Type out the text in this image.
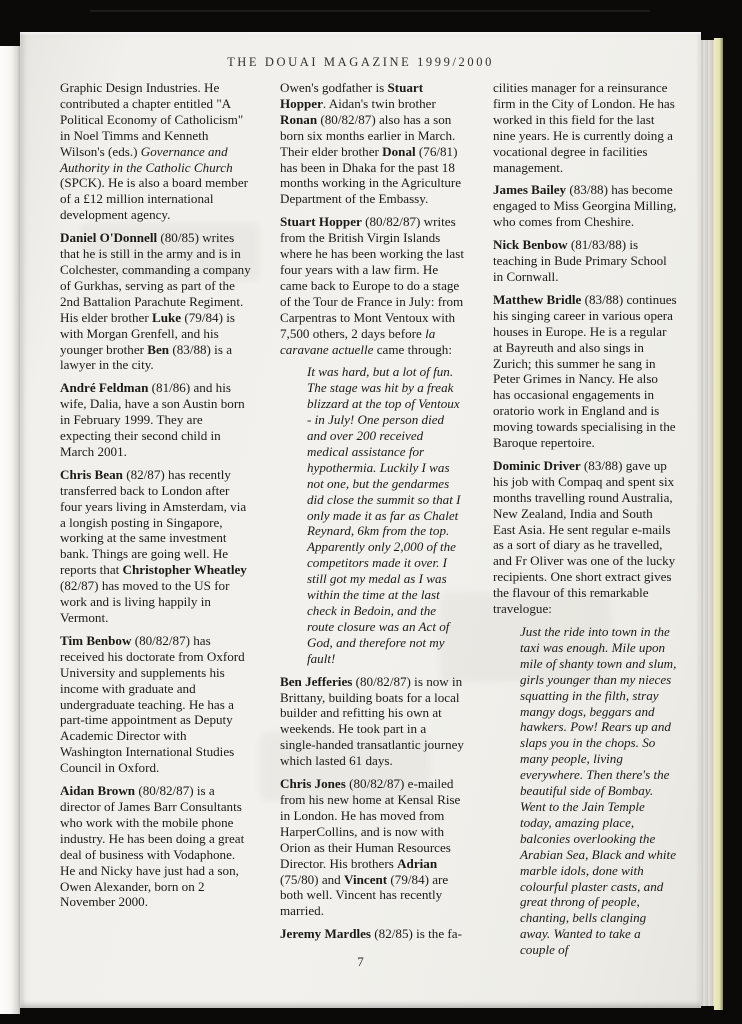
THE DOUAI MAGAZINE 1999/2000

Graphic Design Industries. He contributed a chapter entitled "A Political Economy of Catholicism" in Noel Timms and Kenneth Wilson's (eds.) Governance and Authority in the Catholic Church (SPCK). He is also a board member of a £12 million international development agency.

Daniel O'Donnell (80/85) writes that he is still in the army and is in Colchester, commanding a company of Gurkhas, serving as part of the 2nd Battalion Parachute Regiment. His elder brother Luke (79/84) is with Morgan Grenfell, and his younger brother Ben (83/88) is a lawyer in the city.

André Feldman (81/86) and his wife, Dalia, have a son Austin born in February 1999. They are expecting their second child in March 2001.

Chris Bean (82/87) has recently transferred back to London after four years living in Amsterdam, via a longish posting in Singapore, working at the same investment bank. Things are going well. He reports that Christopher Wheatley (82/87) has moved to the US for work and is living happily in Vermont.

Tim Benbow (80/82/87) has received his doctorate from Oxford University and supplements his income with graduate and undergraduate teaching. He has a part-time appointment as Deputy Academic Director with Washington International Studies Council in Oxford.

Aidan Brown (80/82/87) is a director of James Barr Consultants who work with the mobile phone industry. He has been doing a great deal of business with Vodaphone. He and Nicky have just had a son, Owen Alexander, born on 2 November 2000.

Owen's godfather is Stuart Hopper. Aidan's twin brother Ronan (80/82/87) also has a son born six months earlier in March. Their elder brother Donal (76/81) has been in Dhaka for the past 18 months working in the Agriculture Department of the Embassy.

Stuart Hopper (80/82/87) writes from the British Virgin Islands where he has been working the last four years with a law firm. He came back to Europe to do a stage of the Tour de France in July: from Carpentras to Mont Ventoux with 7,500 others, 2 days before la caravane actuelle came through:

It was hard, but a lot of fun. The stage was hit by a freak blizzard at the top of Ventoux - in July! One person died and over 200 received medical assistance for hypothermia. Luckily I was not one, but the gendarmes did close the summit so that I only made it as far as Chalet Reynard, 6km from the top. Apparently only 2,000 of the competitors made it over. I still got my medal as I was within the time at the last check in Bedoin, and the route closure was an Act of God, and therefore not my fault!

Ben Jefferies (80/82/87) is now in Brittany, building boats for a local builder and refitting his own at weekends. He took part in a single-handed transatlantic journey which lasted 61 days.

Chris Jones (80/82/87) e-mailed from his new home at Kensal Rise in London. He has moved from HarperCollins, and is now with Orion as their Human Resources Director. His brothers Adrian (75/80) and Vincent (79/84) are both well. Vincent has recently married.

Jeremy Mardles (82/85) is the fa-

cilities manager for a reinsurance firm in the City of London. He has worked in this field for the last nine years. He is currently doing a vocational degree in facilities management.

James Bailey (83/88) has become engaged to Miss Georgina Milling, who comes from Cheshire.

Nick Benbow (81/83/88) is teaching in Bude Primary School in Cornwall.

Matthew Bridle (83/88) continues his singing career in various opera houses in Europe. He is a regular at Bayreuth and also sings in Zurich; this summer he sang in Peter Grimes in Nancy. He also has occasional engagements in oratorio work in England and is moving towards specialising in the Baroque repertoire.

Dominic Driver (83/88) gave up his job with Compaq and spent six months travelling round Australia, New Zealand, India and South East Asia. He sent regular e-mails as a sort of diary as he travelled, and Fr Oliver was one of the lucky recipients. One short extract gives the flavour of this remarkable travelogue:

Just the ride into town in the taxi was enough. Mile upon mile of shanty town and slum, girls younger than my nieces squatting in the filth, stray mangy dogs, beggars and hawkers. Pow! Rears up and slaps you in the chops. So many people, living everywhere. Then there's the beautiful side of Bombay. Went to the Jain Temple today, amazing place, balconies overlooking the Arabian Sea, Black and white marble idols, done with colourful plaster casts, and great throng of people, chanting, bells clanging away. Wanted to take a couple of

7
